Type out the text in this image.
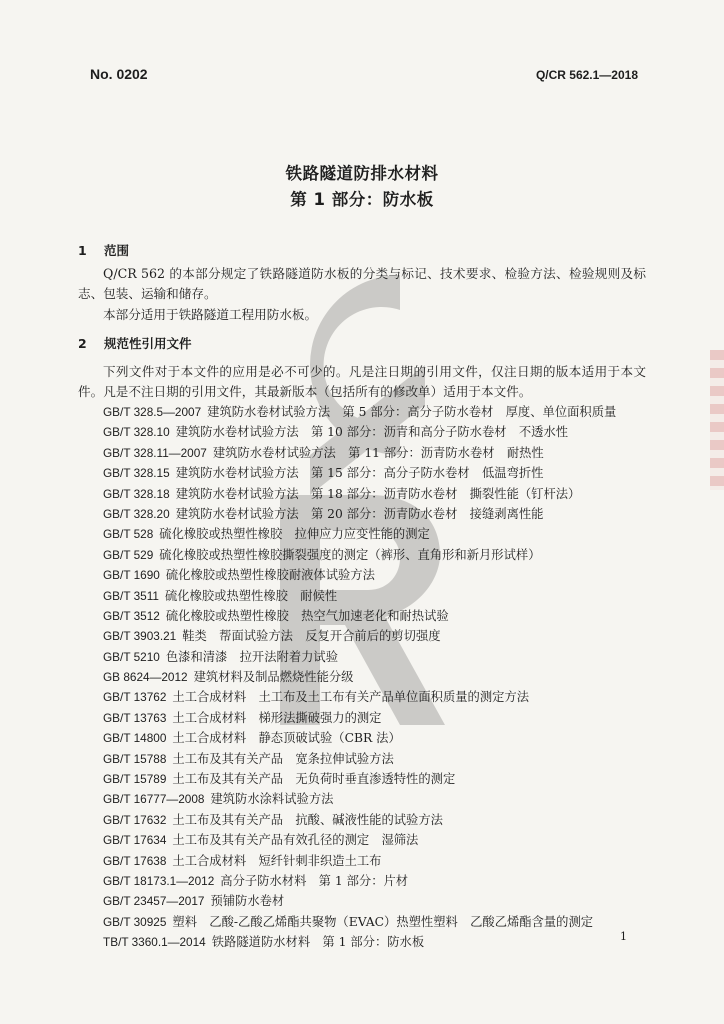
No. 0202	Q/CR 562.1—2018
铁路隧道防排水材料
第 1 部分：防水板
1 范围
Q/CR 562 的本部分规定了铁路隧道防水板的分类与标记、技术要求、检验方法、检验规则及标志、包装、运输和储存。
本部分适用于铁路隧道工程用防水板。
2 规范性引用文件
下列文件对于本文件的应用是必不可少的。凡是注日期的引用文件，仅注日期的版本适用于本文件。凡是不注日期的引用文件，其最新版本（包括所有的修改单）适用于本文件。
GB/T 328.5—2007 建筑防水卷材试验方法　第 5 部分：高分子防水卷材　厚度、单位面积质量
GB/T 328.10 建筑防水卷材试验方法　第 10 部分：沥青和高分子防水卷材　不透水性
GB/T 328.11—2007 建筑防水卷材试验方法　第 11 部分：沥青防水卷材　耐热性
GB/T 328.15 建筑防水卷材试验方法　第 15 部分：高分子防水卷材　低温弯折性
GB/T 328.18 建筑防水卷材试验方法　第 18 部分：沥青防水卷材　撕裂性能（钉杆法）
GB/T 328.20 建筑防水卷材试验方法　第 20 部分：沥青防水卷材　接缝剥离性能
GB/T 528 硫化橡胶或热塑性橡胶　拉伸应力应变性能的测定
GB/T 529 硫化橡胶或热塑性橡胶撕裂强度的测定（裤形、直角形和新月形试样）
GB/T 1690 硫化橡胶或热塑性橡胶耐液体试验方法
GB/T 3511 硫化橡胶或热塑性橡胶　耐候性
GB/T 3512 硫化橡胶或热塑性橡胶　热空气加速老化和耐热试验
GB/T 3903.21 鞋类　帮面试验方法　反复开合前后的剪切强度
GB/T 5210 色漆和清漆　拉开法附着力试验
GB 8624—2012 建筑材料及制品燃烧性能分级
GB/T 13762 土工合成材料　土工布及土工布有关产品单位面积质量的测定方法
GB/T 13763 土工合成材料　梯形法撕破强力的测定
GB/T 14800 土工合成材料　静态顶破试验（CBR 法）
GB/T 15788 土工布及其有关产品　宽条拉伸试验方法
GB/T 15789 土工布及其有关产品　无负荷时垂直渗透特性的测定
GB/T 16777—2008 建筑防水涂料试验方法
GB/T 17632 土工布及其有关产品　抗酸、碱液性能的试验方法
GB/T 17634 土工布及其有关产品有效孔径的测定　湿筛法
GB/T 17638 土工合成材料　短纤针刺非织造土工布
GB/T 18173.1—2012 高分子防水材料　第 1 部分：片材
GB/T 23457—2017 预铺防水卷材
GB/T 30925 塑料　乙酸-乙酸乙烯酯共聚物（EVAC）热塑性塑料　乙酸乙烯酯含量的测定
TB/T 3360.1—2014 铁路隧道防水材料　第 1 部分：防水板	1
